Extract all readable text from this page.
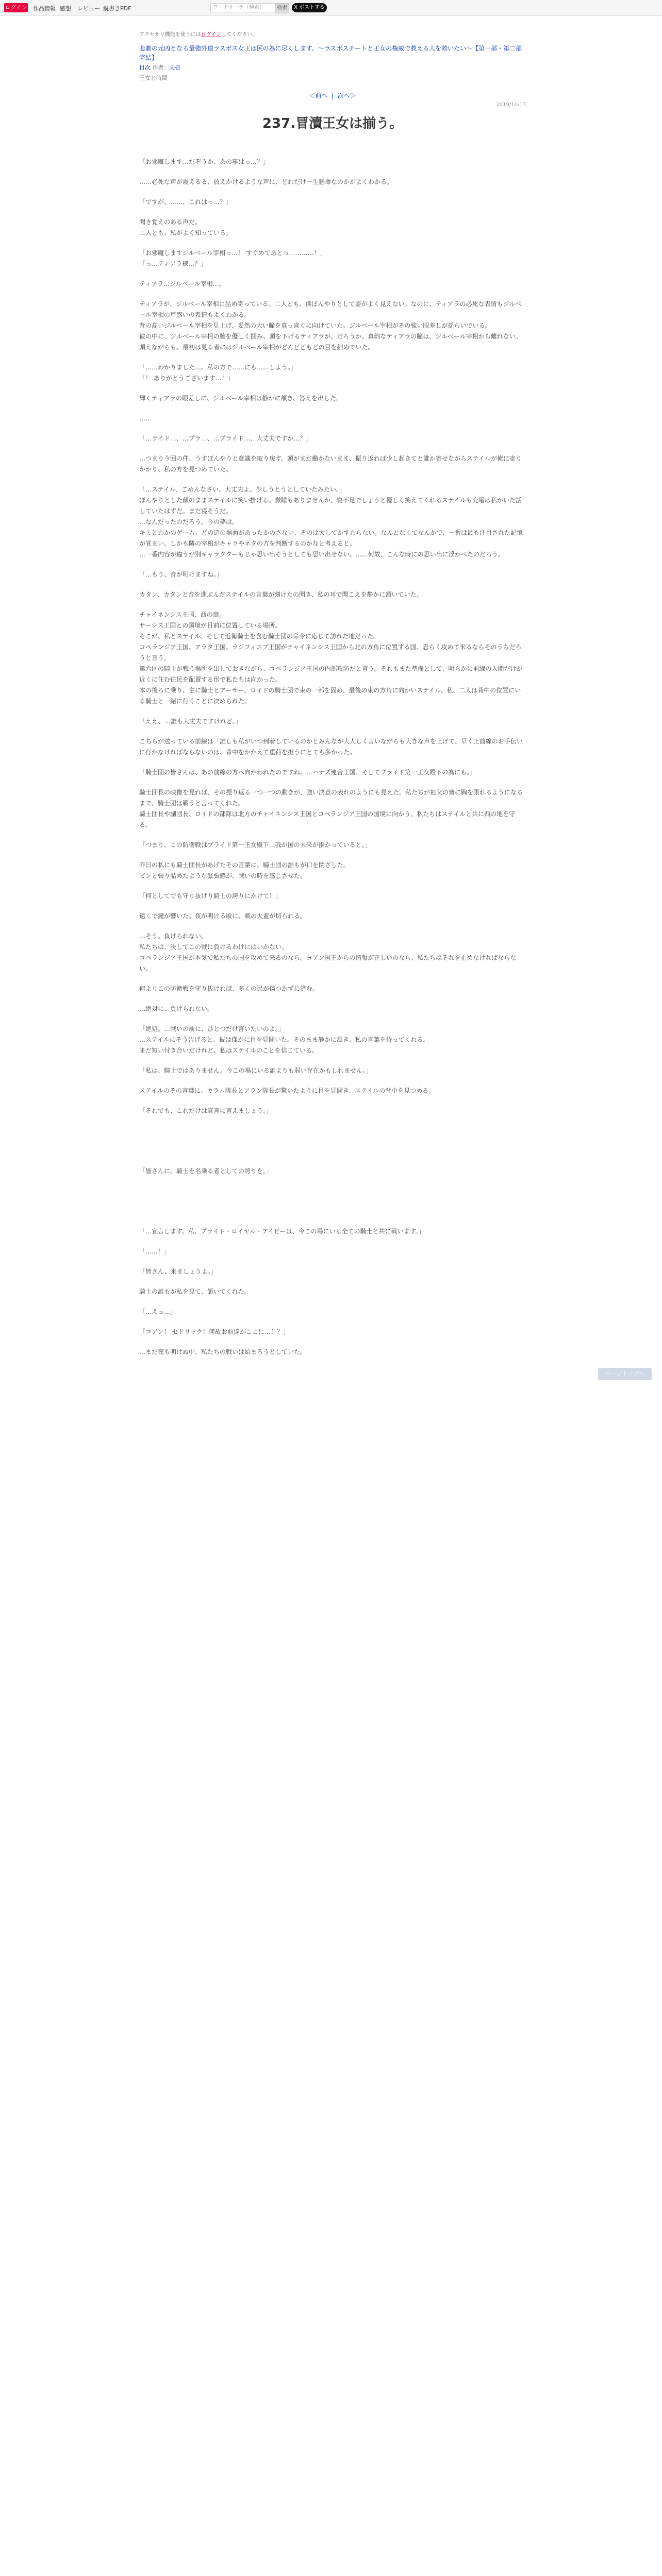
ログイン 作品情報 感想 レビュー 縦書きPDF	ワードサーチ（検索）	検索	X ポストする

アクセサリ機能を使うにはログインしてください。

悲劇の元凶となる最強外道ラスボス女王は民の為に尽くします。～ラスボスチートと王女の権威で救える人を救いたい～【第一部・第二部完結】

目次 作者：天壱

王女と時間

＜前へ  |  次へ＞
2019/10/17
237.冒瀆王女は揃う。

「お邪魔します…だぞうか、あの事はっ…？」

……必死な声が震えるる、放えかけるような声に、どれだけ一生懸命なのかがよくわかる。

「ですが、……、これはっ…？」

聞き覚えのある声だ。
二人とも、私がよく知っている。

「お邪魔しますジルベール宰相っ…！ すぐめてあとっ…………！」
「っ…ティアラ様…？」

ティアラ…ジルベール宰相…。

ティアラが、ジルベール宰相に詰め寄っている。二人とも、僕ぼんやりとして姿がよく見えない。なのに、ティアラの必死な表情もジルベール宰相の戸惑いの表情もよくわかる。
背の高いジルベール宰相を見上げ、妥然の大い瞳を真っ直ぐに向けていた。ジルベール宰相がその強い眼差しが揺らいでいる。
彼の中に、ジルベール宰相の腕を優しく掴み、頭を下げるティアラが、だろうか。真剣なティアラの瞳は、ジルベール宰相から離れない。頭えながらも、最初は見る者にはジルベール宰相がどんどどもどの目を細めていた。

「……わかりました…。私の方で……にも……しよう。」
「！ ありがとうございます…！」

輝くティアラの眼差しに、ジルベール宰相は静かに頷き、答えを出した。

……

「…ライド…、…プラ…、…プライド…、大丈夫ですか…？」

…つまり今回の件、うすぼんやりと意識を取り戻す。頭がまだ働かないまま、振り返れば少し起きてと誰か寄せながらステイルが俺に寄りかかり、私の方を見つめていた。

「…ステイル、ごめんなさい、大丈夫よ。少しうとうとしていたみたい。」
ぼんやりとした顔のままステイルに笑い掛ける。微睡もありませんか、寝不足でしょうと優しく笑えてくれるステイルも充電は私がいた話していたはずだ。まだ寝そうだ。
…なんだったのだろう。今の夢は。
キミとわかのゲーム、どの辺の場面があったかのさない、そのは大してかすわらない。なんとなくてなんかで、一番は最も注目された記憶が覚まい、しかも隣の宰相がキャラやネタの方を判断するのかなと考えると。
…一番内容が違うが別キャラクターもじゃ思い出そうとしても思い出せない。……何故、こんな時にの思い出に浮かべたのだろう。

「…もう、音が明けますね。」

カタン、カタンと音を進ぶんだステイルの言葉が刻けたの聞き、私の耳で聞こえを静かに頷いていた。

チャイネンシス王国、西の商。
サーシス王国との国境が目前に位置している場所。
そこが、私とステイル、そして近衛騎士を含む騎士団の命令に応じて訪れた地だった。
コペランジア王国、アラタ王国、ラジフィエブ王国がチャイネンシス王国から北の方角に位置する国。恐らく攻めて来るならそのうちだろうと言う。
第六区の騎士が戦う場所を出しておきながら、コペランジア王国の内部攻防だと言う。それもまた準備として、明らかに前線の人間だけが近くに住む住民を配置する形で私たちは向かった。
本の後ろに乗り、主に騎士とアーサー、ロイドの騎士団で東の一部を固め、最後の東の方角に向かいステイル、私、二人は背中の位置にいる騎士と一緒に行くことに決められた。

「ええ、…誰も大丈夫ですけれど。」

こちらが送っている前線は「誰しも私がいつ到着しているのかとみんなが大人しく言いながらも大きな声を上げて、早く上前線のお手伝いに行かなければならないのは、背中をかかえて重荷を担うにとても多かった。

「騎士団の皆さんは、あの前線の方へ向かわれたのですね。…ハナズ連合王国、そしてブライド第一王女殿下の為にも。」

騎士団長の映像を見れば、その振り返る一つ一つの動きが、強い決意の表れのようにも見えた。私たちが祖父の皆に胸を張れるようになるまで、騎士団は戦うと言ってくれた。
騎士団長や副団長、ロイドの部隊は北方のチャイネンシス王国とコペランジア王国の国境に向かう。私たちはステイルと共に西の地を守る。

「つまり、この防衛戦はブライド第一王女殿下…我が国の未来が掛かっていると。」

昨日の私にも騎士団長があげたその言葉に、騎士団の誰もが口を閉ざした。
ビンと張り詰めたような緊張感が、戦いの時を感じさせた。

「何としてでも守り抜けり騎士の誇りにかけて！」

遠くで鐘が響いた。夜が明ける頃に、戦の火蓋が切られる。

…そう。負けられない。
私たちは、決してこの戦に負けるわけにはいかない。
コペランジア王国が本気で私たちの国を攻めて来るのなら。ヨアン国王からの情報が正しいのなら、私たちはそれを止めなければならない。

何よりこの防衛戦を守り抜ければ、多くの民が傷つかずに済む。

…絶対に、負けられない。

「絶処。…戦いの前に、ひとつだけ言いたいのよ。」
…ステイルにそう告げると、彼は僅かに目を見開いた。そのまま静かに頷き、私の言葉を待ってくれる。
まだ短い付き合いだけれど、私はステイルのことを信じている。

「私は、騎士ではありません。今この場にいる誰よりも弱い存在かもしれません。」

ステイルのその言葉に、カラム隊長とアラン隊長が驚いたように目を見開き、ステイルの背中を見つめる。

「それでも、これだけは真言に言えましょう。」

「皆さんに、騎士を名乗る者としての誇りを。」

「…宣言します。私、プライド・ロイヤル・アイビーは、今この場にいる全ての騎士と共に戦います。」

「……！」

「皆さん、来ましょうよ。」

騎士の誰もが私を見て、頷いてくれた。

「…えっ…」

「コアン！ セドリック！何故お前達がここに…！？」

…まだ夜も明けぬ中、私たちの戦いは始まろうとしていた。

ページトップへ
